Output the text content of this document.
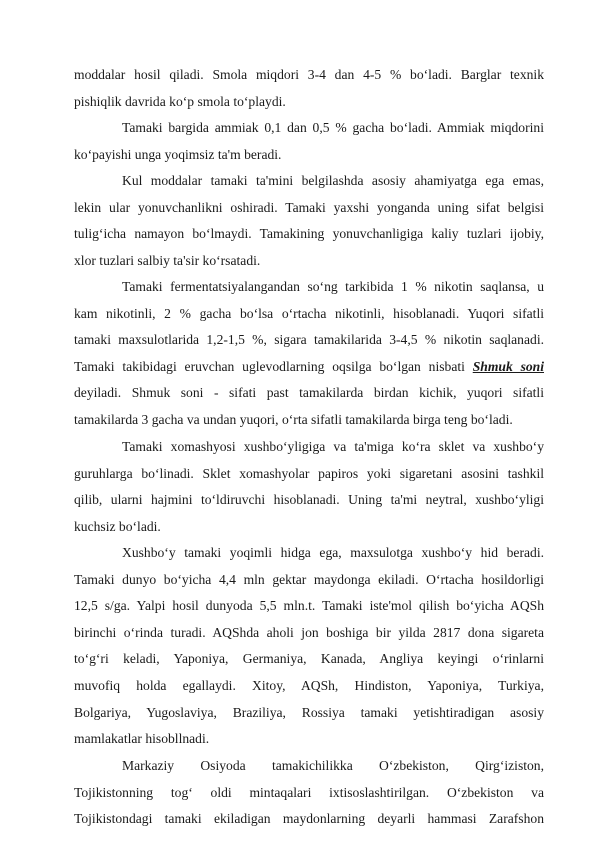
moddalar hosil qiladi. Smola miqdori 3-4 dan 4-5 % bo‘ladi. Barglar texnik
pishiqlik davrida ko‘p smola to‘playdi.
Tamaki bargida ammiak 0,1 dan 0,5 % gacha bo‘ladi. Ammiak miqdorini
ko‘payishi unga yoqimsiz ta'm beradi.
Kul moddalar tamaki ta'mini belgilashda asosiy ahamiyatga ega emas,
lekin ular yonuvchanlikni oshiradi. Tamaki yaxshi yonganda uning sifat belgisi
tulig‘icha namayon bo‘lmaydi. Tamakining yonuvchanligiga kaliy tuzlari ijobiy,
xlor tuzlari salbiy ta'sir ko‘rsatadi.
Tamaki fermentatsiyalangandan so‘ng tarkibida 1 % nikotin saqlansa, u
kam nikotinli, 2 % gacha bo‘lsa o‘rtacha nikotinli, hisoblanadi. Yuqori sifatli
tamaki maxsulotlarida 1,2-1,5 %, sigara tamakilarida 3-4,5 % nikotin saqlanadi.
Tamaki takibidagi eruvchan uglevodlarning oqsilga bo‘lgan nisbati Shmuk soni
deyiladi. Shmuk soni - sifati past tamakilarda birdan kichik, yuqori sifatli
tamakilarda 3 gacha va undan yuqori, o‘rta sifatli tamakilarda birga teng bo‘ladi.
Tamaki xomashyosi xushbo‘yligiga va ta'miga ko‘ra sklet va xushbo‘y
guruhlarga bo‘linadi. Sklet xomashyolar papiros yoki sigaretani asosini tashkil
qilib, ularni hajmini to‘ldiruvchi hisoblanadi. Uning ta'mi neytral, xushbo‘yligi
kuchsiz bo‘ladi.
Xushbo‘y tamaki yoqimli hidga ega, maxsulotga xushbo‘y hid beradi.
Tamaki dunyo bo‘yicha 4,4 mln gektar maydonga ekiladi. O‘rtacha hosildorligi
12,5 s/ga. Yalpi hosil dunyoda 5,5 mln.t. Tamaki iste'mol qilish bo‘yicha AQSh
birinchi o‘rinda turadi. AQShda aholi jon boshiga bir yilda 2817 dona sigareta
to‘g‘ri keladi, Yaponiya, Germaniya, Kanada, Angliya keyingi o‘rinlarni
muvofiq holda egallaydi. Xitoy, AQSh, Hindiston, Yaponiya, Turkiya,
Bolgariya, Yugoslaviya, Braziliya, Rossiya tamaki yetishtiradigan asosiy
mamlakatlar hisobllnadi.
Markaziy Osiyoda tamakichilikka O‘zbekiston, Qirg‘iziston,
Tojikistonning tog‘ oldi mintaqalari ixtisoslashtirilgan. O‘zbekiston va
Tojikistondagi tamaki ekiladigan maydonlarning deyarli hammasi Zarafshon
